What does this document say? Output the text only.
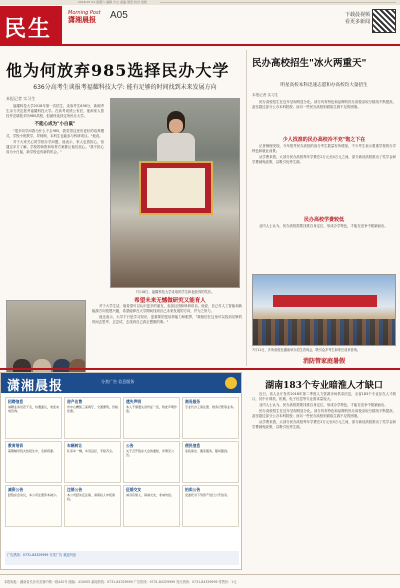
2018.07.21 星期六 编辑 方立 美编 周思 校对 刘艳
民生
Morning Post
潇湘晨报	A05	下载晨视频
看更多新闻
他为何放弃985选择民办大学
636分高考生谈报考福耀科技大学: 能有足够的时间找到未来发展方向
本报记者 实习生

福耀科技大学2018年第一次招生，录取考生636分，新湘考生余力决定报考福耀科技大学。在高考成绩公布后，他和家人曾经考虑填报多所985高校，但最终选择这所民办大学。

不能心成为"小白鼠"

"很多同学问我为什么不去985，我觉得这里有更好的培养模式，学校小班教学，导师制，本科生也能参与科研项目。"他说。

对于大家关心的学校办学问题，他表示，家人也曾担心，但通过多方了解，学校的师资和培养方案都让他们放心。"我不担心成为小白鼠，新学校也有新的机会。"

7月18日，福耀科技大学录取的学生和他获得的奖状。
希望未来无憾做研究又能育人

对于大学生活，他希望可以认识更多的朋友，参加社团和科研项目。他说，自己对人工智能和新能源方向很感兴趣，希望能够在大学期间找到自己未来发展的方向，并为之努力。

他还表示，大学不只是学习知识，更重要的是培养能力和眼界，"我相信在这里可以找到足够的时间去思考，去尝试，去找到自己真正想做的事。"

民办高校招生"冰火两重天"
明星高校本科迅速志愿和办高校均大量招生
本报记者 实习生

民办高校招生在近年呈现明显分化。部分具有特色和品牌的民办高校录取分数线不断提高，甚至超过部分公办本科院校；而另一些民办高校则面临生源不足的困境。

少人找准的民办高校冷不充"饱之下在

记者梳理发现，今年报考民办高校的高分考生数量有所增加，不少考生表示看重学校的办学特色和就业前景。

从学费来看，大部分民办高校每年学费在2万元至4万元之间，部分新设高校推出了奖学金和学费减免政策，以吸引优秀生源。

民办高校学费较低

业内人士认为，民办高校需要找准自身定位，形成办学特色，才能在竞争中脱颖而出。

7月11日，多所高校在湖南举办招生咨询会，吸引众多考生和家长前来咨询。
消防管家庭暑假
潇湘晨报	分类广告 信息服务
招聘信息
诚聘业务员若干名，待遇面议，欢迎来电咨询。
房产出售
市中心精装三室两厅，交通便利，价格优惠。
遗失声明
本人不慎遗失身份证一张，特此声明作废。
商务服务
专业代办工商注册、财务记账等业务。
教育培训
暑期辅导班火热招生中，名师授课。
车辆转让
私家车一辆，车况良好，手续齐全。
公告
关于召开股东大会的通知，详情见公告。
便民信息
家政保洁、搬家服务，随叫随到。
减资公告
经股东会决议，本公司注册资本减少。
注销公告
本公司经决定注销，请债权人申报债权。
征婚交友
诚寻有缘人，真诚交友，非诚勿扰。
拍卖公告
受委托对下列资产进行公开拍卖。
广告热线：0731-84329999 分类广告 欢迎刊登
湖南183个专业暗淮人才缺口

近日，省人社厅发布2018年第二季度人力资源市场供求信息，全省183个专业存在人才缺口，其中计算机、机械、电子信息等专业需求量较大。

业内人士认为，民办高校需要找准自身定位，形成办学特色，才能在竞争中脱颖而出。

民办高校招生在近年呈现明显分化。部分具有特色和品牌的民办高校录取分数线不断提高，甚至超过部分公办本科院校；而另一些民办高校则面临生源不足的困境。

从学费来看，大部分民办高校每年学费在2万元至4万元之间，部分新设高校推出了奖学金和学费减免政策，以吸引优秀生源。

本报地址：湖南省长沙市芙蓉中路一段442号 邮编：410005 新闻热线：0731-84329999 广告热线：0731-84329999 发行热线：0731-84329999 零售价：1元
